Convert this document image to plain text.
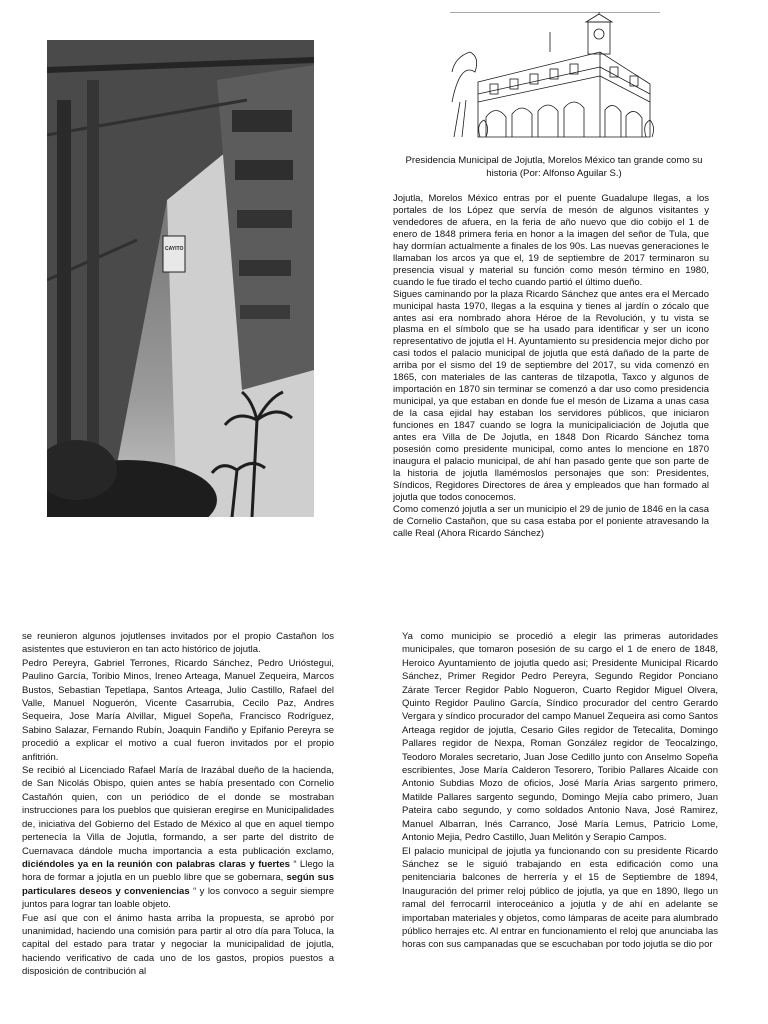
CAYITO

Presidencia Municipal de Jojutla, Morelos México tan grande como su historia (Por: Alfonso Aguilar S.)

Jojutla, Morelos México entras por el puente Guadalupe llegas, a los portales de los López que servía de mesón de algunos visitantes y vendedores de afuera, en la feria de año nuevo que dio cobijo el 1 de enero de 1848 primera feria en honor a la imagen del señor de Tula, que hay dormían actualmente a finales de los 90s. Las nuevas generaciones le llamaban los arcos ya que el, 19 de septiembre de 2017 terminaron su presencia visual y material su función como mesón término en 1980, cuando le fue tirado el techo cuando partió el último dueño.

Sigues caminando por la plaza Ricardo Sánchez que antes era el Mercado municipal hasta 1970, llegas a la esquina y tienes al jardín o zócalo que antes asi era nombrado ahora Héroe de la Revolución, y tu vista se plasma en el símbolo que se ha usado para identificar y ser un icono representativo de jojutla el H. Ayuntamiento su presidencia mejor dicho por casi todos el palacio municipal de jojutla que está dañado de la parte de arriba por el sismo del 19 de septiembre del 2017, su vida comenzó en 1865, con materiales de las canteras de tilzapotla, Taxco y algunos de importación en 1870 sin terminar se comenzó a dar uso como presidencia municipal, ya que estaban en donde fue el mesón de Lizama a unas casa de la casa ejidal hay estaban los servidores públicos, que iniciaron funciones en 1847 cuando se logra la municipaliciación de Jojutla que antes era Villa de De Jojutla, en 1848 Don Ricardo Sánchez toma posesión como presidente municipal, como antes lo mencione en 1870 inaugura el palacio municipal, de ahí han pasado gente que son parte de la historia de jojutla llamémoslos personajes que son: Presidentes, Síndicos, Regidores Directores de área y empleados que han formado al jojutla que todos conocemos.

Como comenzó jojutla a ser un municipio el 29 de junio de 1846 en la casa de Cornelio Castañon, que su casa estaba por el poniente atravesando la calle Real (Ahora Ricardo Sánchez)

se reunieron algunos jojutlenses invitados por el propio Castañon los asistentes que estuvieron en tan acto histórico de jojutla.

Pedro Pereyra, Gabriel Terrones, Ricardo Sánchez, Pedro Urióstegui, Paulino García, Toribio Minos, Ireneo Arteaga, Manuel Zequeira, Marcos Bustos, Sebastian Tepetlapa, Santos Arteaga, Julio Castillo, Rafael del Valle, Manuel Noguerón, Vicente Casarrubia, Cecilo Paz, Andres Sequeira, Jose María Alvillar, Miguel Sopeña, Francisco Rodríguez, Sabino Salazar, Fernando Rubín, Joaquin Fandiño y Epifanio Pereyra se procedió a explicar el motivo a cual fueron invitados por el propio anfitrión.

Se recibió al Licenciado Rafael María de Irazábal dueño de la hacienda, de San Nicolás Obispo, quien antes se había presentado con Cornelio Castañón quien, con un periódico de el donde se mostraban instrucciones para los pueblos que quisieran eregirse en Municipalidades de, iniciativa del Gobierno del Estado de México al que en aquel tiempo pertenecía la Villa de Jojutla, formando, a ser parte del distrito de Cuernavaca dándole mucha importancia a esta publicación exclamo, diciéndoles ya en la reunión con palabras claras y fuertes “ Llego la hora de formar a jojutla en un pueblo libre que se gobernara, según sus particulares deseos y conveniencias “ y los convoco a seguir siempre juntos para lograr tan loable objeto.

Fue así que con el ánimo hasta arriba la propuesta, se aprobó por unanimidad, haciendo una comisión para partir al otro día para Toluca, la capital del estado para tratar y negociar la municipalidad de jojutla, haciendo verificativo de cada uno de los gastos, propios puestos a disposición de contribución al

Ya como municipio se procedió a elegir las primeras autoridades municipales, que tomaron posesión de su cargo el 1 de enero de 1848, Heroico Ayuntamiento de jojutla quedo asi; Presidente Municipal Ricardo Sánchez, Primer Regidor Pedro Pereyra, Segundo Regidor Ponciano Zárate Tercer Regidor Pablo Nogueron, Cuarto Regidor Miguel Olvera, Quinto Regidor Paulino García, Síndico procurador del centro Gerardo Vergara y síndico procurador del campo Manuel Zequeira asi como Santos Arteaga regidor de jojutla, Cesario Giles regidor de Tetecalita, Domingo Pallares regidor de Nexpa, Roman González regidor de Teocalzingo, Teodoro Morales secretario, Juan Jose Cedillo junto con Anselmo Sopeña escribientes, Jose María Calderon Tesorero, Toribio Pallares Alcaide con Antonio Subdias Mozo de oficios, José María Arias sargento primero, Matilde Pallares sargento segundo, Domingo Mejía cabo primero, Juan Pateira cabo segundo, y como soldados Antonio Nava, José Ramirez, Manuel Albarran, Inés Carranco, José María Lemus, Patricio Lome, Antonio Mejia, Pedro Castillo, Juan Melitón y Serapio Campos.

El palacio municipal de jojutla ya funcionando con su presidente Ricardo Sánchez se le siguió trabajando en esta edificación como una penitenciaria balcones de herrería y el 15 de Septiembre de 1894, Inauguración del primer reloj público de jojutla, ya que en 1890, llego un ramal del ferrocarril interoceánico a jojutla y de ahí en adelante se importaban materiales y objetos, como lámparas de aceite para alumbrado público herrajes etc. Al entrar en funcionamiento el reloj que anunciaba las horas con sus campanadas que se escuchaban por todo jojutla se dio por
